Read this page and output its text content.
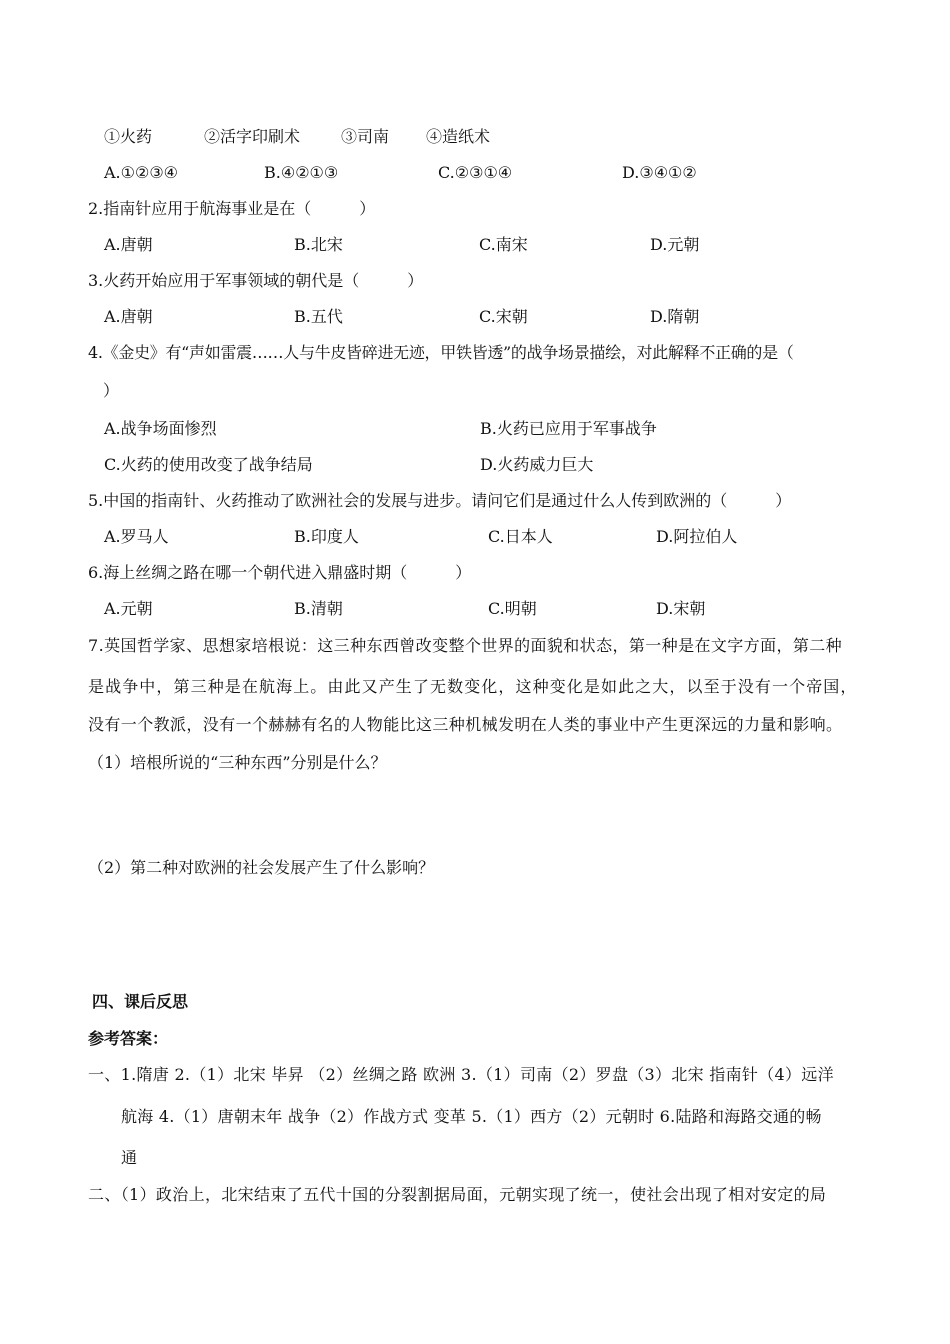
①火药	②活字印刷术	③司南 ④造纸术
A.①②③④	B.④②①③	C.②③①④	D.③④①②
2.指南针应用于航海事业是在（　　　）
A.唐朝	B.北宋	C.南宋	D.元朝
3.火药开始应用于军事领域的朝代是（　　　）
A.唐朝	B.五代	C.宋朝	D.隋朝
4.《金史》有“声如雷震……人与牛皮皆碎进无迹，甲铁皆透”的战争场景描绘，对此解释不正确的是（
）
A.战争场面惨烈	B.火药已应用于军事战争
C.火药的使用改变了战争结局	D.火药威力巨大
5.中国的指南针、火药推动了欧洲社会的发展与进步。请问它们是通过什么人传到欧洲的（　　　）
A.罗马人	B.印度人	C.日本人	D.阿拉伯人
6.海上丝绸之路在哪一个朝代进入鼎盛时期（　　　）
A.元朝	B.清朝	C.明朝	D.宋朝
7.英国哲学家、思想家培根说：这三种东西曾改变整个世界的面貌和状态，第一种是在文字方面，第二种
是战争中，第三种是在航海上。由此又产生了无数变化，这种变化是如此之大，以至于没有一个帝国，
没有一个教派，没有一个赫赫有名的人物能比这三种机械发明在人类的事业中产生更深远的力量和影响。
（1）培根所说的“三种东西”分别是什么？
（2）第二种对欧洲的社会发展产生了什么影响？
四、课后反思
参考答案：
一、1.隋唐 2.（1）北宋 毕昇 （2）丝绸之路 欧洲 3.（1）司南（2）罗盘（3）北宋 指南针（4）远洋
航海 4.（1）唐朝末年 战争（2）作战方式 变革 5.（1）西方（2）元朝时 6.陆路和海路交通的畅
通
二、（1）政治上，北宋结束了五代十国的分裂割据局面，元朝实现了统一，使社会出现了相对安定的局
